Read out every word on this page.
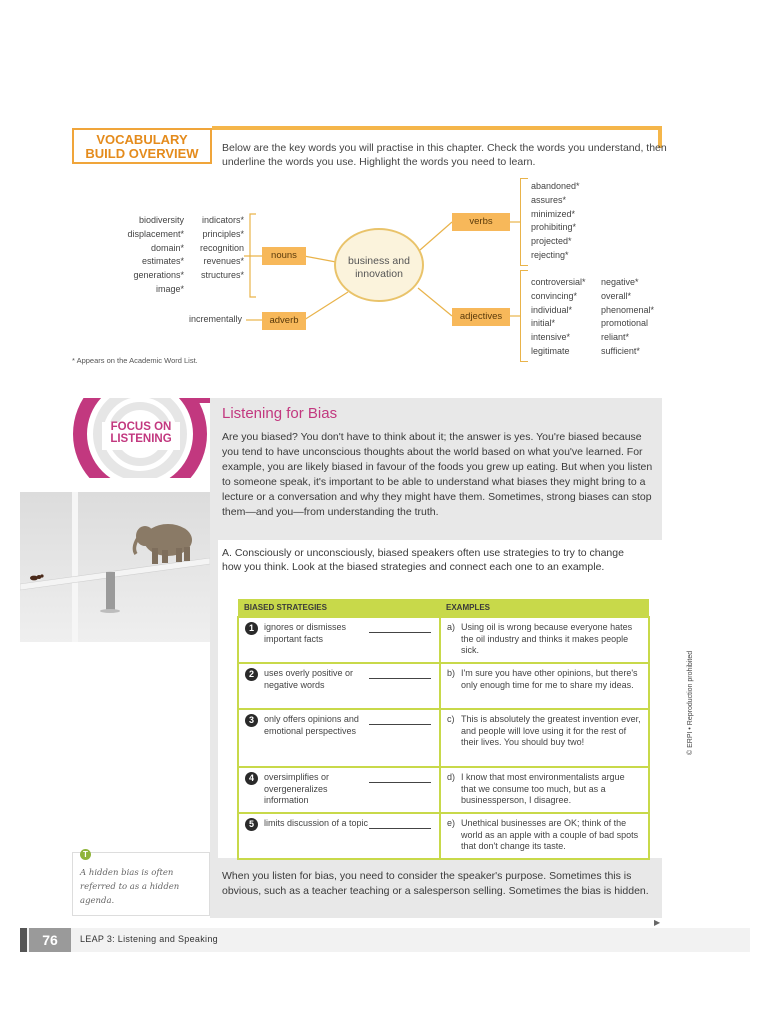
VOCABULARY
BUILD OVERVIEW	Below are the key words you will practise in this chapter. Check the words you understand, then underline the words you use. Highlight the words you need to learn.
biodiversity
displacement*
domain*
estimates*
generations*
image*
indicators*
principles*
recognition
revenues*
structures*
nouns
incrementally	adverb
business and innovation
verbs
abandoned*
assures*
minimized*
prohibiting*
projected*
rejecting*
adjectives
controversial*
convincing*
individual*
initial*
intensive*
legitimate
negative*
overall*
phenomenal*
promotional
reliant*
sufficient*
* Appears on the Academic Word List.
FOCUS ON
LISTENING
Listening for Bias
Are you biased? You don't have to think about it; the answer is yes. You're biased because you tend to have unconscious thoughts about the world based on what you've learned. For example, you are likely biased in favour of the foods you grew up eating. But when you listen to someone speak, it's important to be able to understand what biases they might bring to a lecture or a conversation and why they might have them. Sometimes, strong biases can stop them—and you—from understanding the truth.
A. Consciously or unconsciously, biased speakers often use strategies to try to change how you think. Look at the biased strategies and connect each one to an example.
BIASED STRATEGIES	EXAMPLES
1 ignores or dismisses important facts	a) Using oil is wrong because everyone hates the oil industry and thinks it makes people sick.
2 uses overly positive or negative words	b) I'm sure you have other opinions, but there's only enough time for me to share my ideas.
3 only offers opinions and emotional perspectives	c) This is absolutely the greatest invention ever, and people will love using it for the rest of their lives. You should buy two!
4 oversimplifies or overgeneralizes information	d) I know that most environmentalists argue that we consume too much, but as a businessperson, I disagree.
5 limits discussion of a topic	e) Unethical businesses are OK; think of the world as an apple with a couple of bad spots that don't change its taste.
T
A hidden bias is often referred to as a hidden agenda.
When you listen for bias, you need to consider the speaker's purpose. Sometimes this is obvious, such as a teacher teaching or a salesperson selling. Sometimes the bias is hidden.
▶
76	LEAP 3: Listening and Speaking
© ERPI • Reproduction prohibited
